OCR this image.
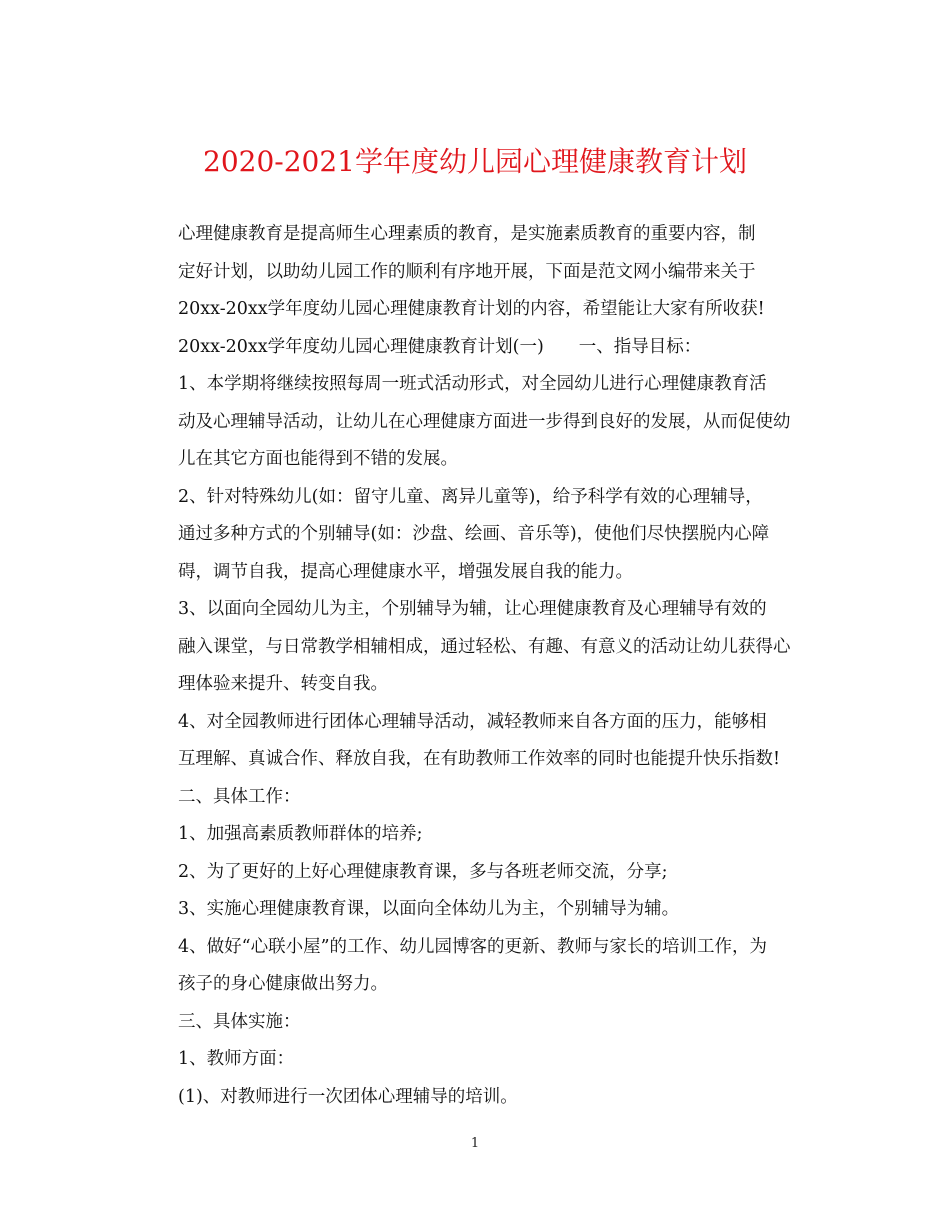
2020-2021学年度幼儿园心理健康教育计划

心理健康教育是提高师生心理素质的教育，是实施素质教育的重要内容，制
定好计划，以助幼儿园工作的顺利有序地开展，下面是范文网小编带来关于
20xx-20xx学年度幼儿园心理健康教育计划的内容，希望能让大家有所收获!
20xx-20xx学年度幼儿园心理健康教育计划(一)　　一、指导目标：

1、本学期将继续按照每周一班式活动形式，对全园幼儿进行心理健康教育活
动及心理辅导活动，让幼儿在心理健康方面进一步得到良好的发展，从而促使幼
儿在其它方面也能得到不错的发展。

2、针对特殊幼儿(如：留守儿童、离异儿童等)，给予科学有效的心理辅导，
通过多种方式的个别辅导(如：沙盘、绘画、音乐等)，使他们尽快摆脱内心障
碍，调节自我，提高心理健康水平，增强发展自我的能力。

3、以面向全园幼儿为主，个别辅导为辅，让心理健康教育及心理辅导有效的
融入课堂，与日常教学相辅相成，通过轻松、有趣、有意义的活动让幼儿获得心
理体验来提升、转变自我。

4、对全园教师进行团体心理辅导活动，减轻教师来自各方面的压力，能够相
互理解、真诚合作、释放自我，在有助教师工作效率的同时也能提升快乐指数!

二、具体工作：

1、加强高素质教师群体的培养;

2、为了更好的上好心理健康教育课，多与各班老师交流，分享;

3、实施心理健康教育课，以面向全体幼儿为主，个别辅导为辅。

4、做好“心联小屋”的工作、幼儿园博客的更新、教师与家长的培训工作，为
孩子的身心健康做出努力。

三、具体实施：

1、教师方面：

(1)、对教师进行一次团体心理辅导的培训。

1
